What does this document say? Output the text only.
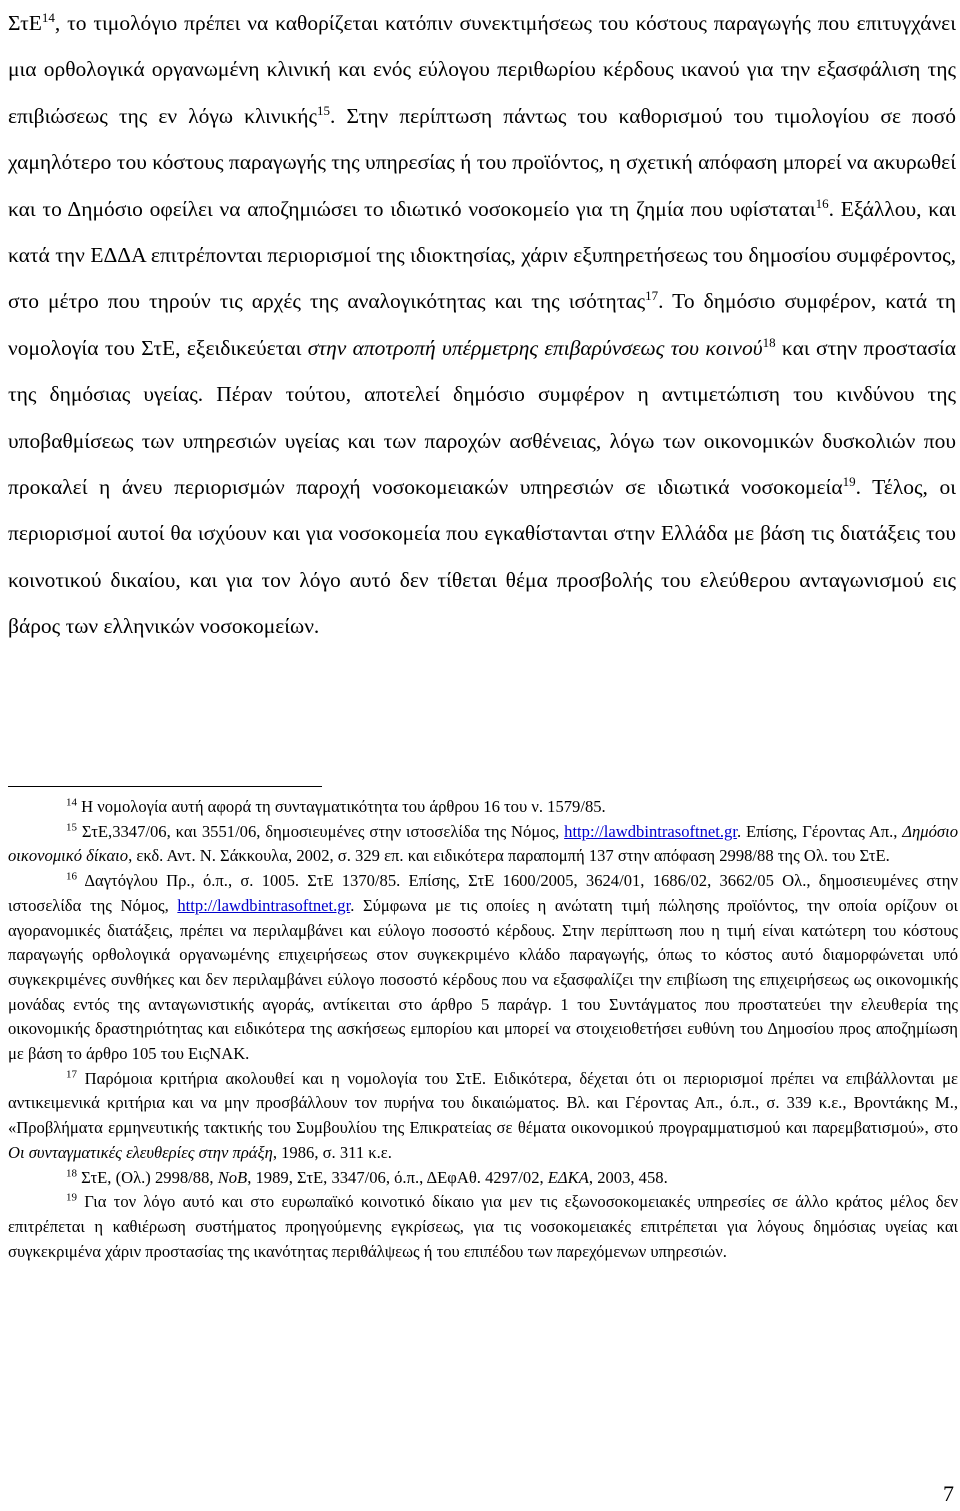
ΣτΕ$^{14}$, το τιμολόγιο πρέπει να καθορίζεται κατόπιν συνεκτιμήσεως του κόστους παραγωγής που επιτυγχάνει μια ορθολογικά οργανωμένη κλινική και ενός εύλογου περιθωρίου κέρδους ικανού για την εξασφάλιση της επιβιώσεως της εν λόγω κλινικής$^{15}$. Στην περίπτωση πάντως του καθορισμού του τιμολογίου σε ποσό χαμηλότερο του κόστους παραγωγής της υπηρεσίας ή του προϊόντος, η σχετική απόφαση μπορεί να ακυρωθεί και το Δημόσιο οφείλει να αποζημιώσει το ιδιωτικό νοσοκομείο για τη ζημία που υφίσταται$^{16}$. Εξάλλου, και κατά την ΕΔΔΑ επιτρέπονται περιορισμοί της ιδιοκτησίας, χάριν εξυπηρετήσεως του δημοσίου συμφέροντος, στο μέτρο που τηρούν τις αρχές της αναλογικότητας και της ισότητας$^{17}$. Το δημόσιο συμφέρον, κατά τη νομολογία του ΣτΕ, εξειδικεύεται στην αποτροπή υπέρμετρης επιβαρύνσεως του κοινού$^{18}$ και στην προστασία της δημόσιας υγείας. Πέραν τούτου, αποτελεί δημόσιο συμφέρον η αντιμετώπιση του κινδύνου της υποβαθμίσεως των υπηρεσιών υγείας και των παροχών ασθένειας, λόγω των οικονομικών δυσκολιών που προκαλεί η άνευ περιορισμών παροχή νοσοκομειακών υπηρεσιών σε ιδιωτικά νοσοκομεία$^{19}$. Τέλος, οι περιορισμοί αυτοί θα ισχύουν και για νοσοκομεία που εγκαθίστανται στην Ελλάδα με βάση τις διατάξεις του κοινοτικού δικαίου, και για τον λόγο αυτό δεν τίθεται θέμα προσβολής του ελεύθερου ανταγωνισμού εις βάρος των ελληνικών νοσοκομείων.

$^{14}$ Η νομολογία αυτή αφορά τη συνταγματικότητα του άρθρου 16 του ν. 1579/85.

$^{15}$ ΣτΕ,3347/06, και 3551/06, δημοσιευμένες στην ιστοσελίδα της Νόμος, http://lawdbintrasoftnet.gr. Επίσης, Γέροντας Απ., Δημόσιο οικονομικό δίκαιο, εκδ. Αντ. Ν. Σάκκουλα, 2002, σ. 329 επ. και ειδικότερα παραπομπή 137 στην απόφαση 2998/88 της Ολ. του ΣτΕ.

$^{16}$ Δαγτόγλου Πρ., ό.π., σ. 1005. ΣτΕ 1370/85. Επίσης, ΣτΕ 1600/2005, 3624/01, 1686/02, 3662/05 Ολ., δημοσιευμένες στην ιστοσελίδα της Νόμος, http://lawdbintrasoftnet.gr. Σύμφωνα με τις οποίες η ανώτατη τιμή πώλησης προϊόντος, την οποία ορίζουν οι αγορανομικές διατάξεις, πρέπει να περιλαμβάνει και εύλογο ποσοστό κέρδους. Στην περίπτωση που η τιμή είναι κατώτερη του κόστους παραγωγής ορθολογικά οργανωμένης επιχειρήσεως στον συγκεκριμένο κλάδο παραγωγής, όπως το κόστος αυτό διαμορφώνεται υπό συγκεκριμένες συνθήκες και δεν περιλαμβάνει εύλογο ποσοστό κέρδους που να εξασφαλίζει την επιβίωση της επιχειρήσεως ως οικονομικής μονάδας εντός της ανταγωνιστικής αγοράς, αντίκειται στο άρθρο 5 παράγρ. 1 του Συντάγματος που προστατεύει την ελευθερία της οικονομικής δραστηριότητας και ειδικότερα της ασκήσεως εμπορίου και μπορεί να στοιχειοθετήσει ευθύνη του Δημοσίου προς αποζημίωση με βάση το άρθρο 105 του ΕιςΝΑΚ.

$^{17}$ Παρόμοια κριτήρια ακολουθεί και η νομολογία του ΣτΕ. Ειδικότερα, δέχεται ότι οι περιορισμοί πρέπει να επιβάλλονται με αντικειμενικά κριτήρια και να μην προσβάλλουν τον πυρήνα του δικαιώματος. Βλ. και Γέροντας Απ., ό.π., σ. 339 κ.ε., Βροντάκης Μ., «Προβλήματα ερμηνευτικής τακτικής του Συμβουλίου της Επικρατείας σε θέματα οικονομικού προγραμματισμού και παρεμβατισμού», στο Οι συνταγματικές ελευθερίες στην πράξη, 1986, σ. 311 κ.ε.

$^{18}$ ΣτΕ, (Ολ.) 2998/88, ΝοΒ, 1989, ΣτΕ, 3347/06, ό.π., ΔΕφΑθ. 4297/02, ΕΔΚΑ, 2003, 458.

$^{19}$ Για τον λόγο αυτό και στο ευρωπαϊκό κοινοτικό δίκαιο για μεν τις εξωνοσοκομειακές υπηρεσίες σε άλλο κράτος μέλος δεν επιτρέπεται η καθιέρωση συστήματος προηγούμενης εγκρίσεως, για τις νοσοκομειακές επιτρέπεται για λόγους δημόσιας υγείας και συγκεκριμένα χάριν προστασίας της ικανότητας περιθάλψεως ή του επιπέδου των παρεχόμενων υπηρεσιών.

7
